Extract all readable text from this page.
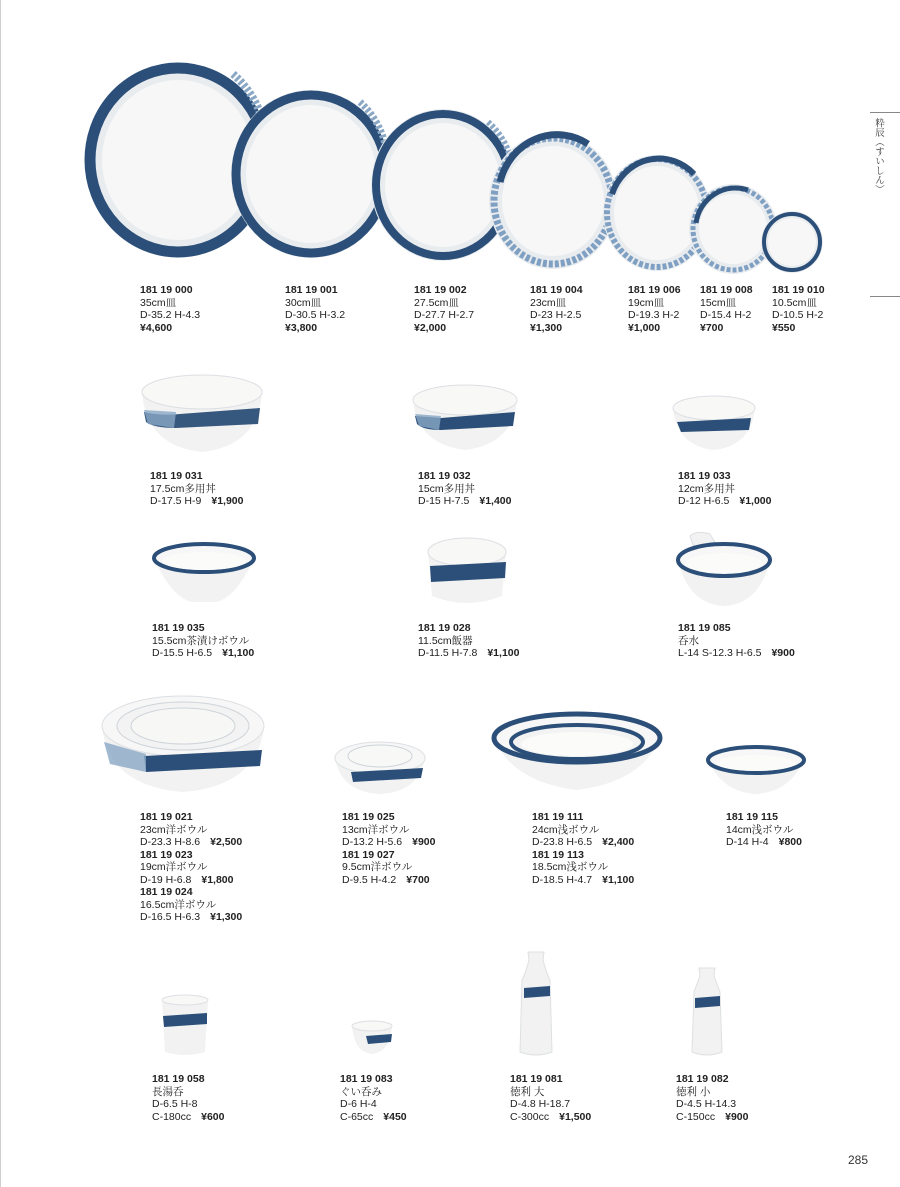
粋辰（すいしん）
181 19 000
35cm皿
D-35.2 H-4.3
¥4,600
181 19 001
30cm皿
D-30.5 H-3.2
¥3,800
181 19 002
27.5cm皿
D-27.7 H-2.7
¥2,000
181 19 004
23cm皿
D-23 H-2.5
¥1,300
181 19 006
19cm皿
D-19.3 H-2
¥1,000
181 19 008
15cm皿
D-15.4 H-2
¥700
181 19 010
10.5cm皿
D-10.5 H-2
¥550
181 19 031
17.5cm多用丼
D-17.5 H-9 ¥1,900
181 19 032
15cm多用丼
D-15 H-7.5 ¥1,400
181 19 033
12cm多用丼
D-12 H-6.5 ¥1,000
181 19 035
15.5cm茶漬けボウル
D-15.5 H-6.5 ¥1,100
181 19 028
11.5cm飯器
D-11.5 H-7.8 ¥1,100
181 19 085
呑水
L-14 S-12.3 H-6.5 ¥900
181 19 021
23cm洋ボウル
D-23.3 H-8.6 ¥2,500
181 19 023
19cm洋ボウル
D-19 H-6.8 ¥1,800
181 19 024
16.5cm洋ボウル
D-16.5 H-6.3 ¥1,300
181 19 025
13cm洋ボウル
D-13.2 H-5.6 ¥900
181 19 027
9.5cm洋ボウル
D-9.5 H-4.2 ¥700
181 19 111
24cm浅ボウル
D-23.8 H-6.5 ¥2,400
181 19 113
18.5cm浅ボウル
D-18.5 H-4.7 ¥1,100
181 19 115
14cm浅ボウル
D-14 H-4 ¥800
181 19 058
長湯呑
D-6.5 H-8
C-180cc ¥600
181 19 083
ぐい呑み
D-6 H-4
C-65cc ¥450
181 19 081
徳利 大
D-4.8 H-18.7
C-300cc ¥1,500
181 19 082
徳利 小
D-4.5 H-14.3
C-150cc ¥900
285
